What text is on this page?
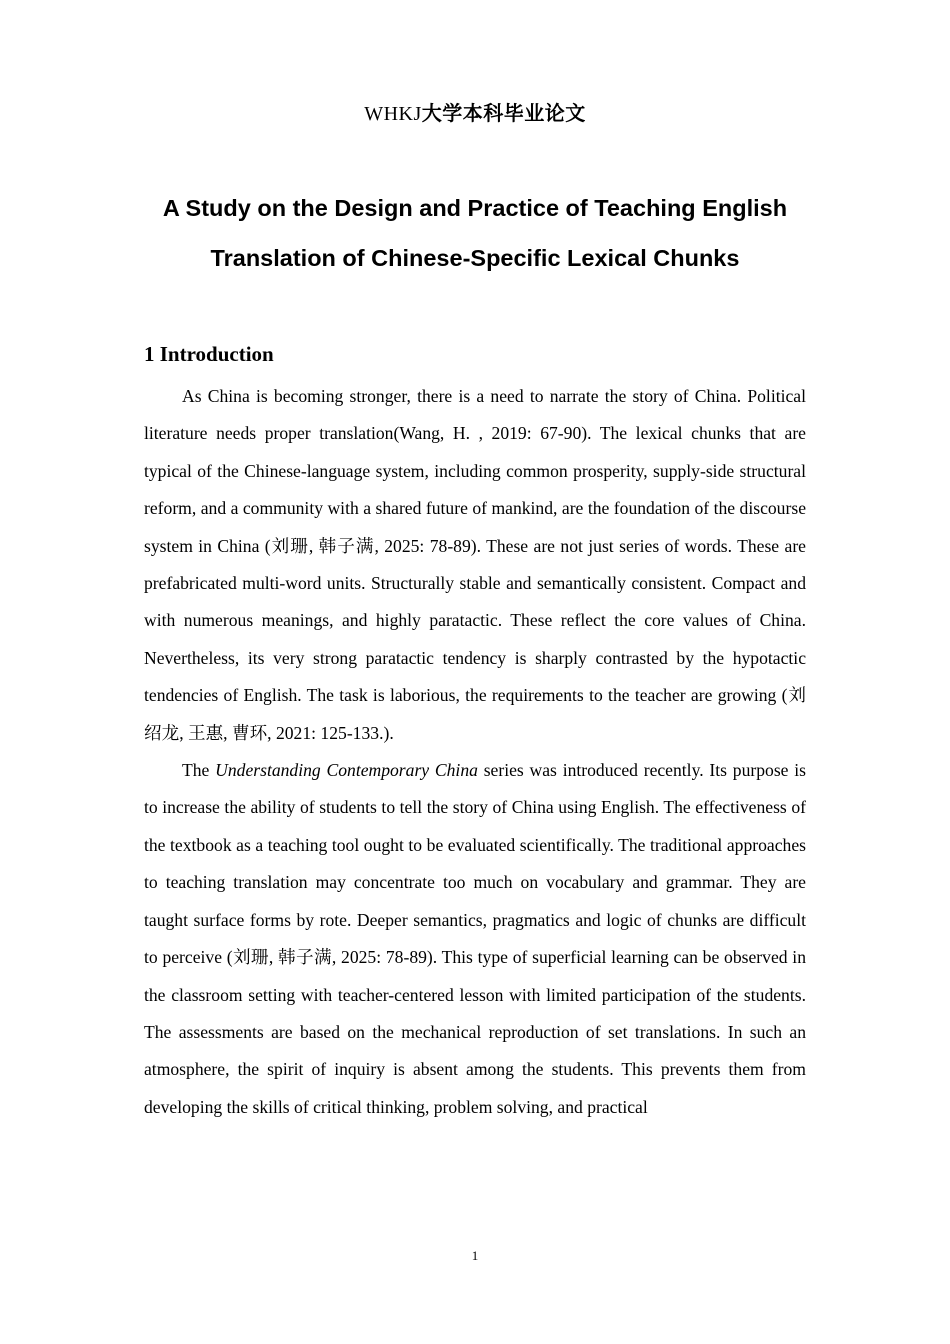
WHKJ大学本科毕业论文
A Study on the Design and Practice of Teaching English
Translation of Chinese-Specific Lexical Chunks
1 Introduction

As China is becoming stronger, there is a need to narrate the story of China. Political literature needs proper translation(Wang, H. , 2019: 67-90). The lexical chunks that are typical of the Chinese-language system, including common prosperity, supply-side structural reform, and a community with a shared future of mankind, are the foundation of the discourse system in China (刘珊, 韩子满, 2025: 78-89). These are not just series of words. These are prefabricated multi-word units. Structurally stable and semantically consistent. Compact and with numerous meanings, and highly paratactic. These reflect the core values of China. Nevertheless, its very strong paratactic tendency is sharply contrasted by the hypotactic tendencies of English. The task is laborious, the requirements to the teacher are growing (刘绍龙, 王惠, 曹环, 2021: 125-133.).

The Understanding Contemporary China series was introduced recently. Its purpose is to increase the ability of students to tell the story of China using English. The effectiveness of the textbook as a teaching tool ought to be evaluated scientifically. The traditional approaches to teaching translation may concentrate too much on vocabulary and grammar. They are taught surface forms by rote. Deeper semantics, pragmatics and logic of chunks are difficult to perceive (刘珊, 韩子满, 2025: 78-89). This type of superficial learning can be observed in the classroom setting with teacher-centered lesson with limited participation of the students. The assessments are based on the mechanical reproduction of set translations. In such an atmosphere, the spirit of inquiry is absent among the students. This prevents them from developing the skills of critical thinking, problem solving, and practical

1
